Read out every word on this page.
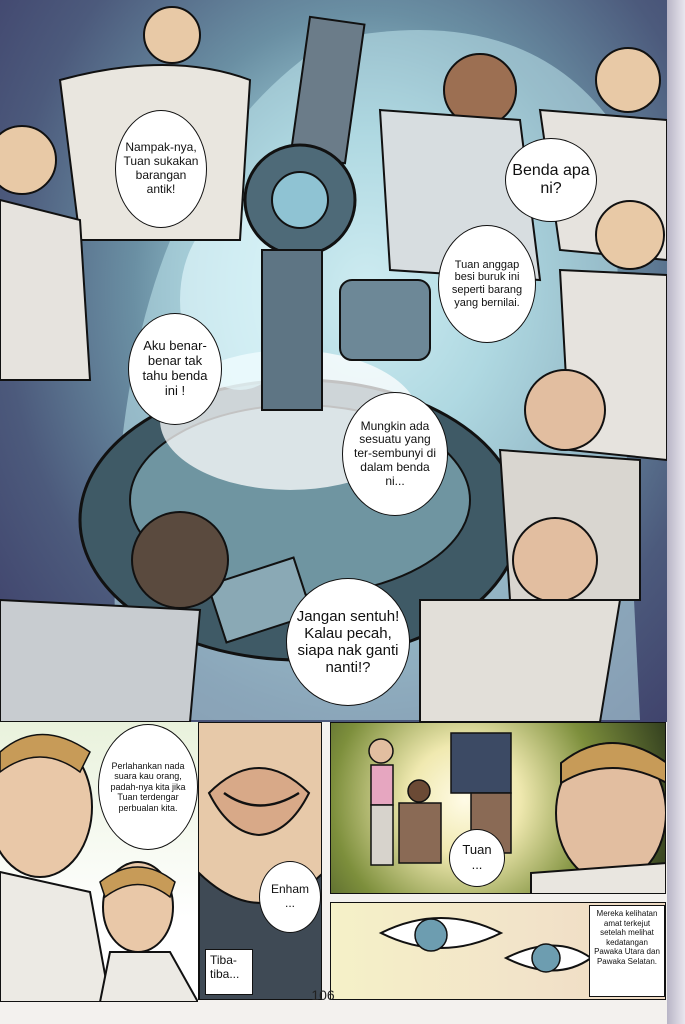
Nampak-nya, Tuan sukakan barangan antik!
Benda apa ni?
Tuan anggap besi buruk ini seperti barang yang bernilai.
Aku benar-benar tak tahu benda ini !
Mungkin ada sesuatu yang ter-sembunyi di dalam benda ni...
Jangan sentuh! Kalau pecah, siapa nak ganti nanti!?
Perlahankan nada suara kau orang, padah-nya kita jika Tuan terdengar perbualan kita.
Enham ...
Tiba-tiba...
Tuan ...
Mereka kelihatan amat terkejut setelah melihat kedatangan Pawaka Utara dan Pawaka Selatan.
106
